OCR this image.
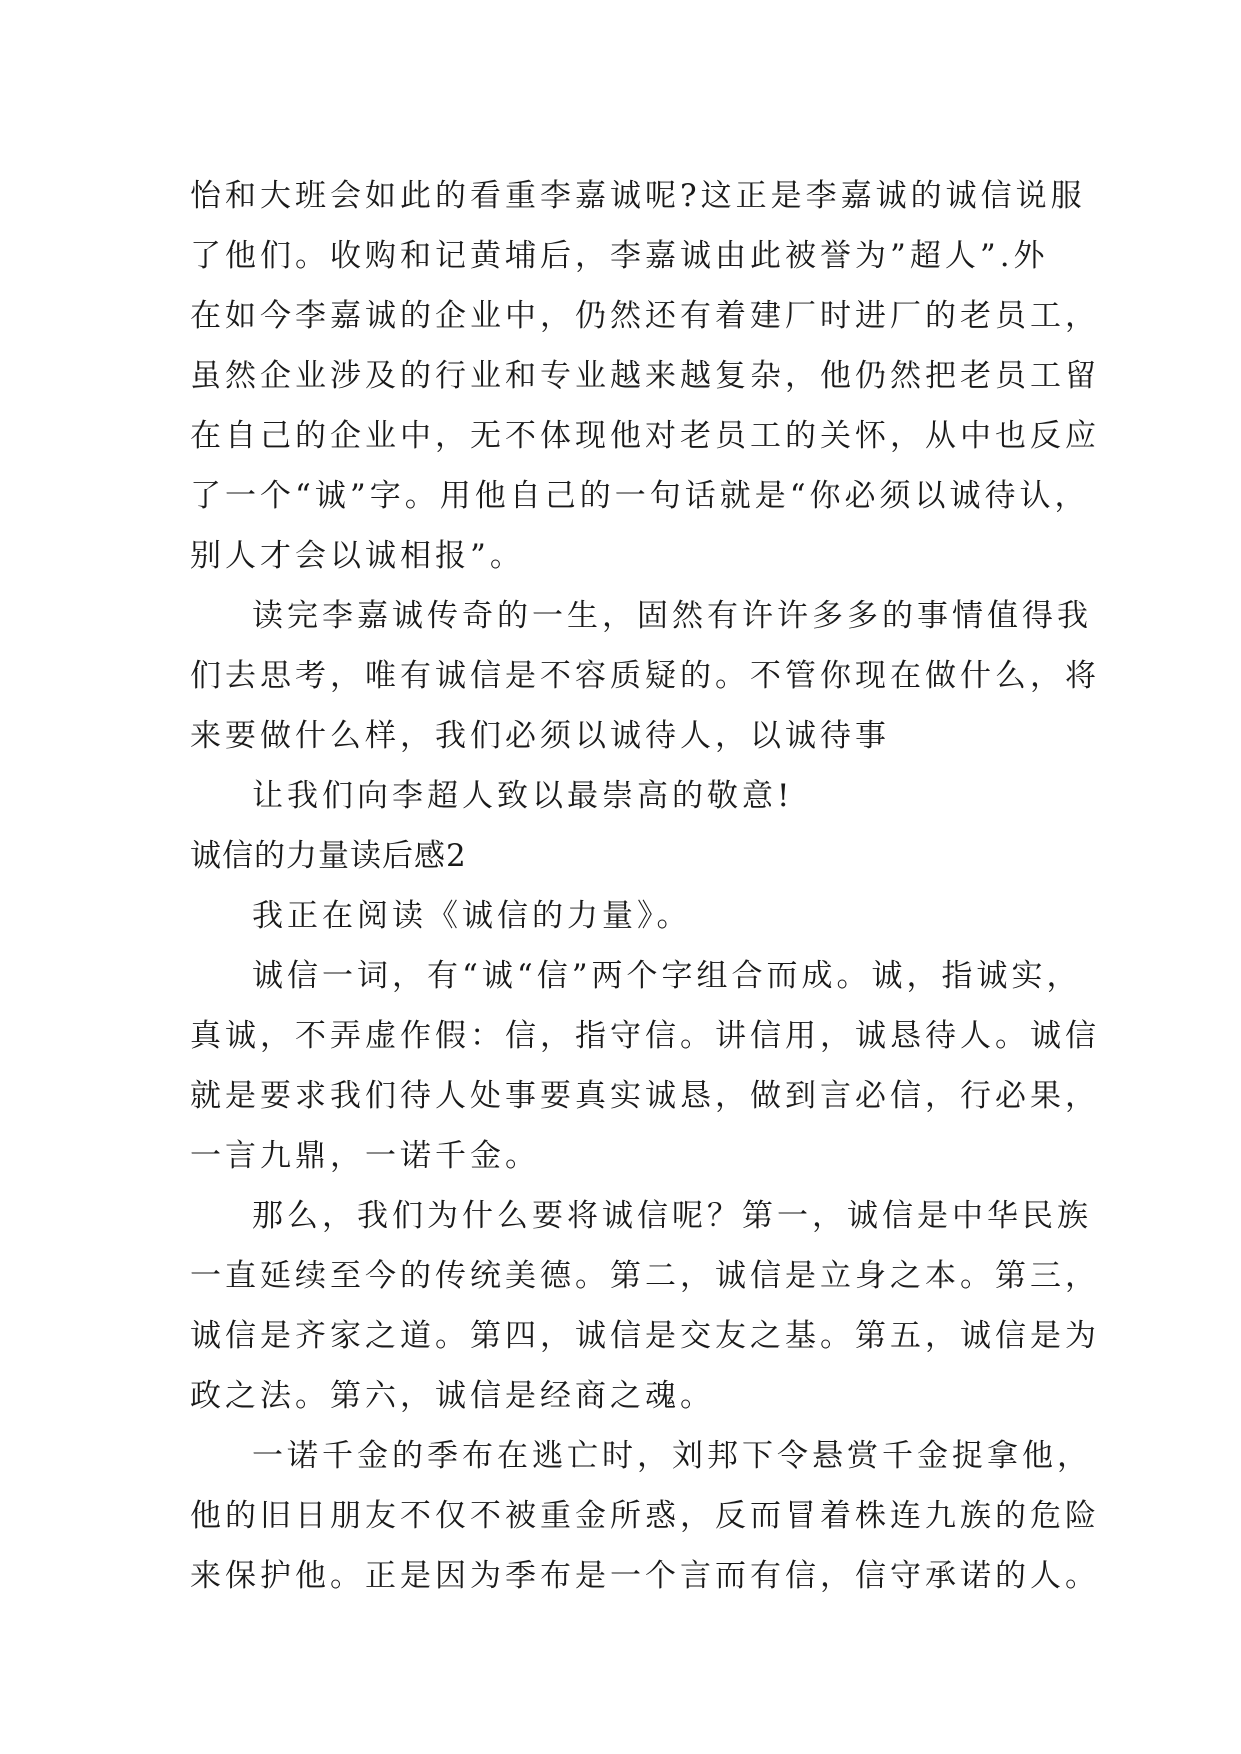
怡和大班会如此的看重李嘉诚呢?这正是李嘉诚的诚信说服
了他们。收购和记黄埔后，李嘉诚由此被誉为”超人”.外
在如今李嘉诚的企业中，仍然还有着建厂时进厂的老员工，
虽然企业涉及的行业和专业越来越复杂，他仍然把老员工留
在自己的企业中，无不体现他对老员工的关怀，从中也反应
了一个“诚”字。用他自己的一句话就是“你必须以诚待认，
别人才会以诚相报”。
读完李嘉诚传奇的一生，固然有许许多多的事情值得我
们去思考，唯有诚信是不容质疑的。不管你现在做什么，将
来要做什么样，我们必须以诚待人，以诚待事
让我们向李超人致以最崇高的敬意!
诚信的力量读后感2
我正在阅读《诚信的力量》。
诚信一词，有“诚“信”两个字组合而成。诚，指诚实，
真诚，不弄虚作假：信，指守信。讲信用，诚恳待人。诚信
就是要求我们待人处事要真实诚恳，做到言必信，行必果，
一言九鼎，一诺千金。
那么，我们为什么要将诚信呢？第一，诚信是中华民族
一直延续至今的传统美德。第二，诚信是立身之本。第三，
诚信是齐家之道。第四，诚信是交友之基。第五，诚信是为
政之法。第六，诚信是经商之魂。
一诺千金的季布在逃亡时，刘邦下令悬赏千金捉拿他，
他的旧日朋友不仅不被重金所惑，反而冒着株连九族的危险
来保护他。正是因为季布是一个言而有信，信守承诺的人。
